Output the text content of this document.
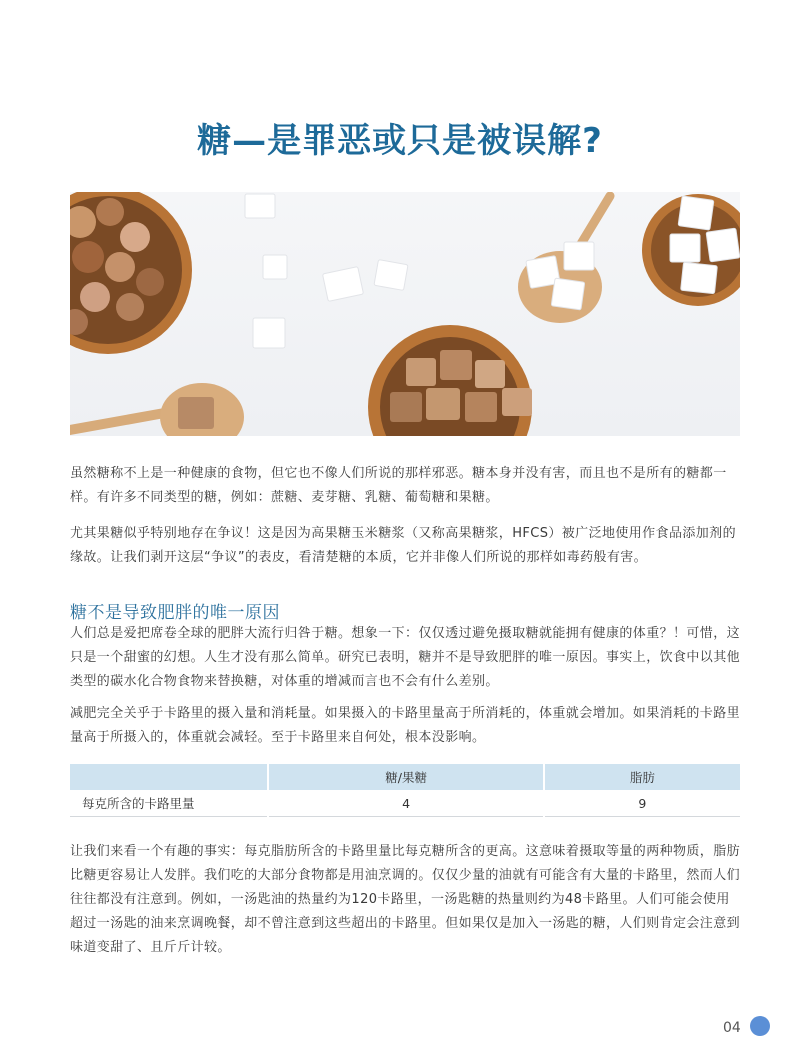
糖—是罪恶或只是被误解?

虽然糖称不上是一种健康的食物，但它也不像人们所说的那样邪恶。糖本身并没有害，而且也不是所有的糖都一样。有许多不同类型的糖，例如：蔗糖、麦芽糖、乳糖、葡萄糖和果糖。

尤其果糖似乎特别地存在争议！这是因为高果糖玉米糖浆（又称高果糖浆，HFCS）被广泛地使用作食品添加剂的缘故。让我们剥开这层“争议”的表皮，看清楚糖的本质，它并非像人们所说的那样如毒药般有害。

糖不是导致肥胖的唯一原因

人们总是爱把席卷全球的肥胖大流行归咎于糖。想象一下：仅仅透过避免摄取糖就能拥有健康的体重？！可惜，这只是一个甜蜜的幻想。人生才没有那么简单。研究已表明，糖并不是导致肥胖的唯一原因。事实上，饮食中以其他类型的碳水化合物食物来替换糖，对体重的增减而言也不会有什么差别。

减肥完全关乎于卡路里的摄入量和消耗量。如果摄入的卡路里量高于所消耗的，体重就会增加。如果消耗的卡路里量高于所摄入的，体重就会减轻。至于卡路里来自何处，根本没影响。

	糖/果糖	脂肪
每克所含的卡路里量	4	9

让我们来看一个有趣的事实：每克脂肪所含的卡路里量比每克糖所含的更高。这意味着摄取等量的两种物质，脂肪比糖更容易让人发胖。我们吃的大部分食物都是用油烹调的。仅仅少量的油就有可能含有大量的卡路里，然而人们往往都没有注意到。例如，一汤匙油的热量约为120卡路里，一汤匙糖的热量则约为48卡路里。人们可能会使用超过一汤匙的油来烹调晚餐，却不曾注意到这些超出的卡路里。但如果仅是加入一汤匙的糖，人们则肯定会注意到味道变甜了、且斤斤计较。

04
